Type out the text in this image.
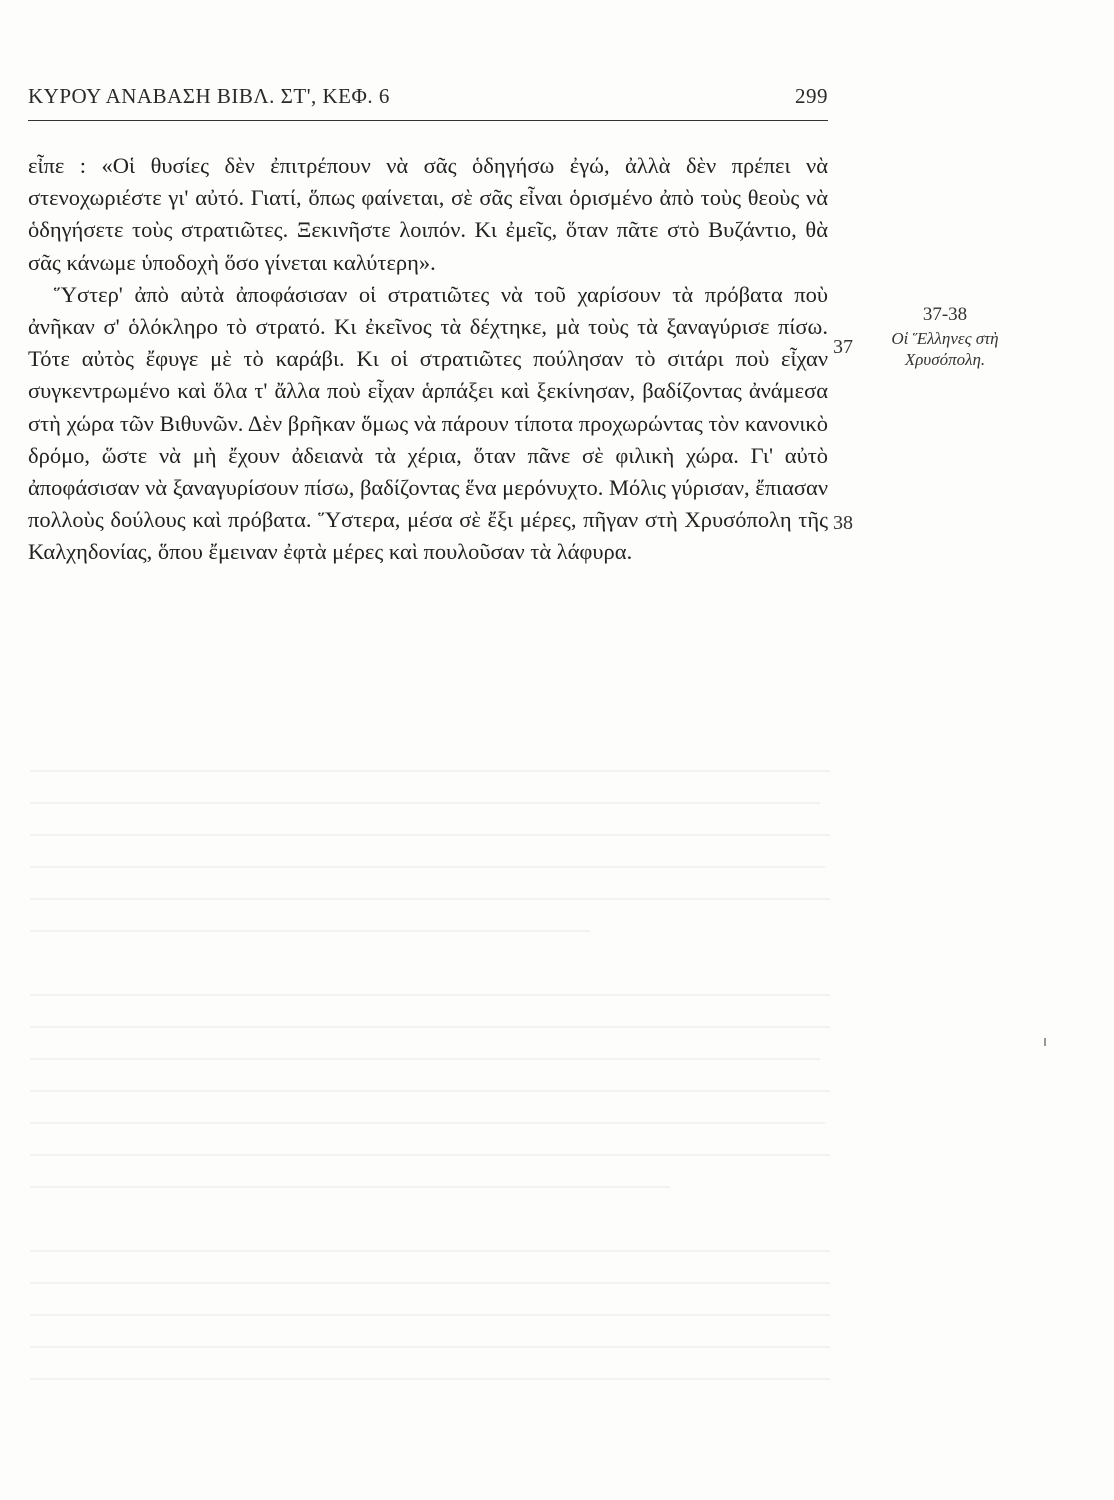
ΚΥΡΟΥ ΑΝΑΒΑΣΗ ΒΙΒΛ. ΣΤ', ΚΕΦ. 6	299

εἶπε : «Οἱ θυσίες δὲν ἐπιτρέπουν νὰ σᾶς ὁδηγήσω ἐγώ, ἀλλὰ δὲν πρέπει νὰ στενοχωριέστε γι' αὐτό. Γιατί, ὅπως φαίνεται, σὲ σᾶς εἶναι ὁρισμένο ἀπὸ τοὺς θεοὺς νὰ ὁδηγήσετε τοὺς στρατιῶτες. Ξεκινῆστε λοιπόν. Κι ἐμεῖς, ὅταν πᾶτε στὸ Βυζάντιο, θὰ σᾶς κάνωμε ὑποδοχὴ ὅσο γίνεται καλύτερη».

Ὕστερ' ἀπὸ αὐτὰ ἀποφάσισαν οἱ στρατιῶτες νὰ τοῦ χαρίσουν τὰ πρόβατα ποὺ ἀνῆκαν σ' ὁλόκληρο τὸ στρατό. Κι ἐκεῖνος τὰ δέχτηκε, μὰ τοὺς τὰ ξαναγύρισε πίσω. Τότε αὐτὸς ἔφυγε μὲ τὸ καράβι. Κι οἱ στρατιῶτες πούλησαν τὸ σιτάρι ποὺ εἶχαν συγκεντρωμένο καὶ ὅλα τ' ἄλλα ποὺ εἶχαν ἁρπάξει καὶ ξεκίνησαν, βαδίζοντας ἀνάμεσα στὴ χώρα τῶν Βιθυνῶν. Δὲν βρῆκαν ὅμως νὰ πάρουν τίποτα προχωρώντας τὸν κανονικὸ δρόμο, ὥστε νὰ μὴ ἔχουν ἀδειανὰ τὰ χέρια, ὅταν πᾶνε σὲ φιλικὴ χώρα. Γι' αὐτὸ ἀποφάσισαν νὰ ξαναγυρίσουν πίσω, βαδίζοντας ἕνα μερόνυχτο. Μόλις γύρισαν, ἔπιασαν πολλοὺς δούλους καὶ πρόβατα. Ὕστερα, μέσα σὲ ἔξι μέρες, πῆγαν στὴ Χρυσόπολη τῆς Καλχηδονίας, ὅπου ἔμειναν ἐφτὰ μέρες καὶ πουλοῦσαν τὰ λάφυρα.

37
38
37-38
Οἱ Ἕλληνες στὴ Χρυσόπολη.
